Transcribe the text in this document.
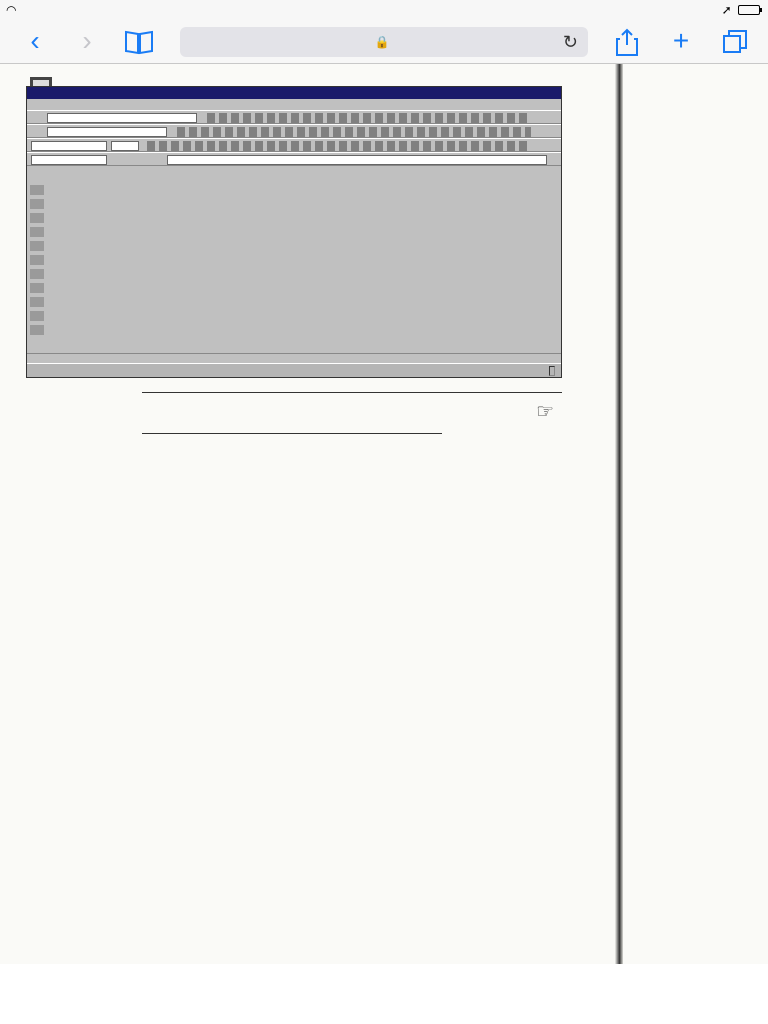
◠	➚
‹	›	🔒	↻	+

☞
